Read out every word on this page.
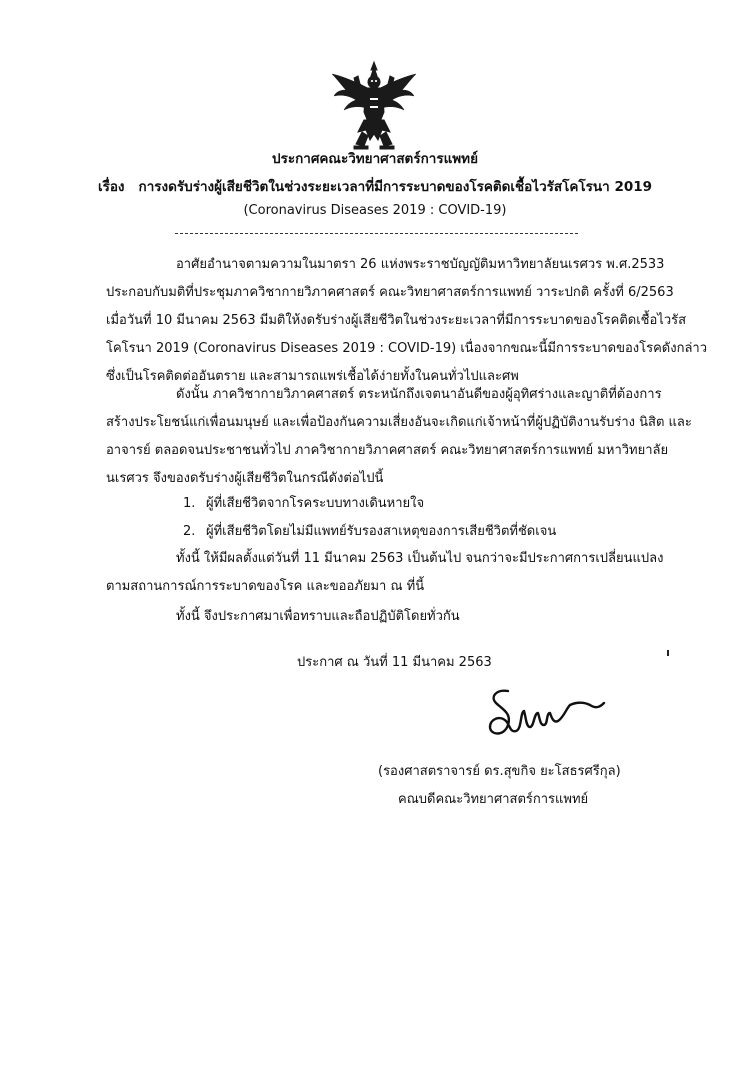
ประกาศคณะวิทยาศาสตร์การแพทย์
เรื่อง การงดรับร่างผู้เสียชีวิตในช่วงระยะเวลาที่มีการระบาดของโรคติดเชื้อไวรัสโคโรนา 2019
(Coronavirus Diseases 2019 : COVID-19)
อาศัยอำนาจตามความในมาตรา 26 แห่งพระราชบัญญัติมหาวิทยาลัยนเรศวร พ.ศ.2533
ประกอบกับมติที่ประชุมภาควิชากายวิภาคศาสตร์ คณะวิทยาศาสตร์การแพทย์ วาระปกติ ครั้งที่ 6/2563
เมื่อวันที่ 10 มีนาคม 2563 มีมติให้งดรับร่างผู้เสียชีวิตในช่วงระยะเวลาที่มีการระบาดของโรคติดเชื้อไวรัส
โคโรนา 2019 (Coronavirus Diseases 2019 : COVID-19) เนื่องจากขณะนี้มีการระบาดของโรคดังกล่าว
ซึ่งเป็นโรคติดต่ออันตราย และสามารถแพร่เชื้อได้ง่ายทั้งในคนทั่วไปและศพ
ดังนั้น ภาควิชากายวิภาคศาสตร์ ตระหนักถึงเจตนาอันดีของผู้อุทิศร่างและญาติที่ต้องการ
สร้างประโยชน์แก่เพื่อนมนุษย์ และเพื่อป้องกันความเสี่ยงอันจะเกิดแก่เจ้าหน้าที่ผู้ปฏิบัติงานรับร่าง นิสิต และ
อาจารย์ ตลอดจนประชาชนทั่วไป ภาควิชากายวิภาคศาสตร์ คณะวิทยาศาสตร์การแพทย์ มหาวิทยาลัย
นเรศวร จึงของดรับร่างผู้เสียชีวิตในกรณีดังต่อไปนี้
1. ผู้ที่เสียชีวิตจากโรคระบบทางเดินหายใจ
2. ผู้ที่เสียชีวิตโดยไม่มีแพทย์รับรองสาเหตุของการเสียชีวิตที่ชัดเจน
ทั้งนี้ ให้มีผลตั้งแต่วันที่ 11 มีนาคม 2563 เป็นต้นไป จนกว่าจะมีประกาศการเปลี่ยนแปลง
ตามสถานการณ์การระบาดของโรค และขออภัยมา ณ ที่นี้
ทั้งนี้ จึงประกาศมาเพื่อทราบและถือปฏิบัติโดยทั่วกัน
ประกาศ ณ วันที่ 11 มีนาคม 2563
(รองศาสตราจารย์ ดร.สุขกิจ ยะโสธรศรีกุล)
คณบดีคณะวิทยาศาสตร์การแพทย์
